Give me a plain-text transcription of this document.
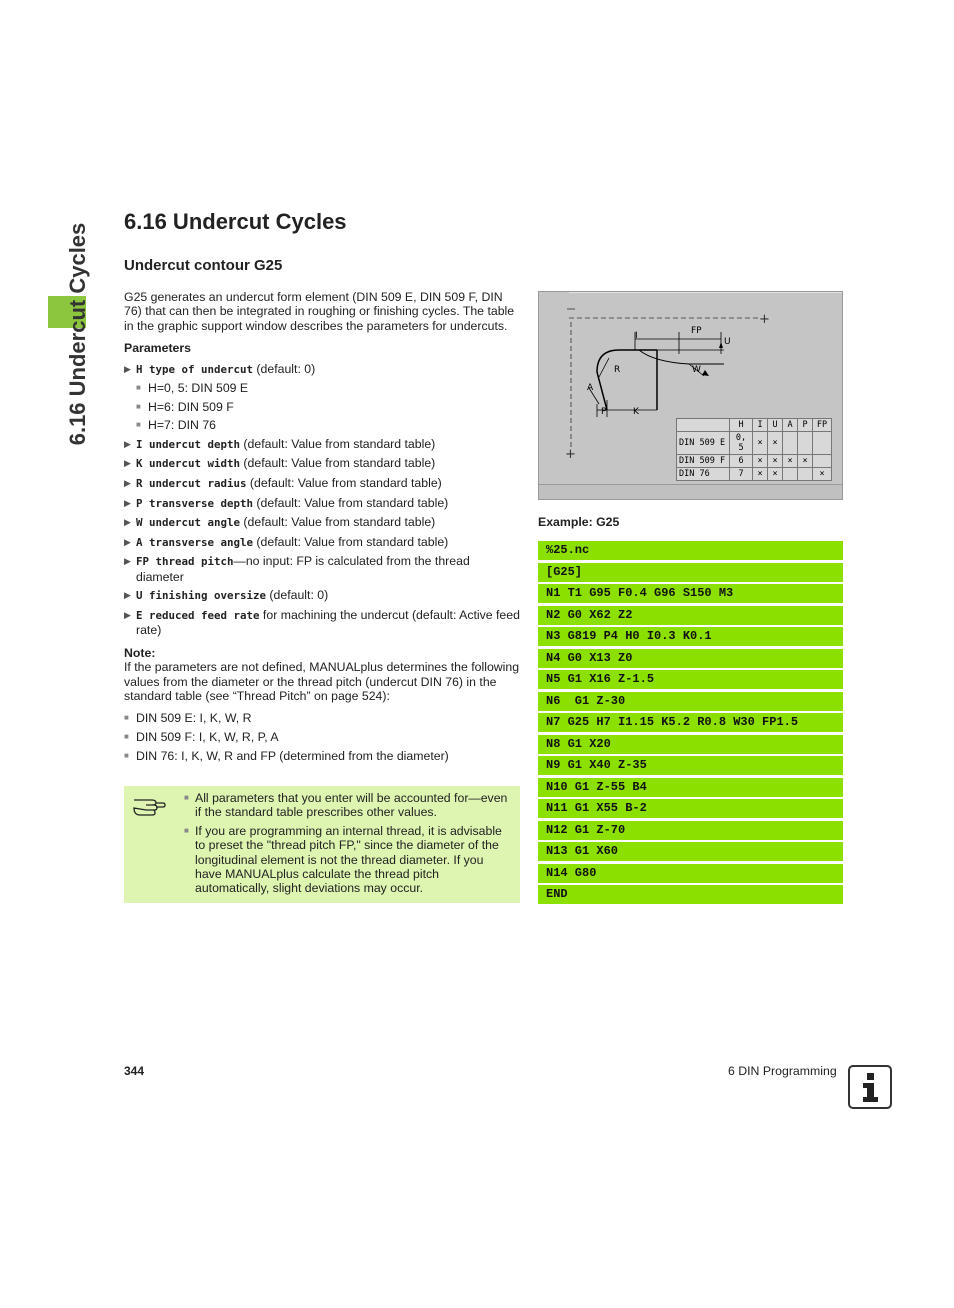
6.16 Undercut Cycles
6.16 Undercut Cycles
Undercut contour G25

G25 generates an undercut form element (DIN 509 E, DIN 509 F, DIN 76) that can then be integrated in roughing or finishing cycles. The table in the graphic support window describes the parameters for undercuts.

Parameters

▶ H type of undercut (default: 0)
■ H=0, 5: DIN 509 E
■ H=6: DIN 509 F
■ H=7: DIN 76
▶ I undercut depth (default: Value from standard table)
▶ K undercut width (default: Value from standard table)
▶ R undercut radius (default: Value from standard table)
▶ P transverse depth (default: Value from standard table)
▶ W undercut angle (default: Value from standard table)
▶ A transverse angle (default: Value from standard table)
▶ FP thread pitch—no input: FP is calculated from the thread diameter
▶ U finishing oversize (default: 0)
▶ E reduced feed rate for machining the undercut (default: Active feed rate)

Note:

If the parameters are not defined, MANUALplus determines the following values from the diameter or the thread pitch (undercut DIN 76) in the standard table (see “Thread Pitch” on page 524):

■ DIN 509 E: I, K, W, R
■ DIN 509 F: I, K, W, R, P, A
■ DIN 76: I, K, W, R and FP (determined from the diameter)
■ All parameters that you enter will be accounted for—even if the standard table prescribes other values.
■ If you are programming an internal thread, it is advisable to preset the "thread pitch FP," since the diameter of the longitudinal element is not the thread diameter. If you have MANUALplus calculate the thread pitch automatically, slight deviations may occur.
+
+
I	FP
U
R	W
A
P	K
	H	I	U	A	P	FP
DIN 509 E	0, 5	×	×			
DIN 509 F	6	×	×	×	×	
DIN 76	7	×	×			×

Example: G25

%25.nc
[G25]
N1 T1 G95 F0.4 G96 S150 M3
N2 G0 X62 Z2
N3 G819 P4 H0 I0.3 K0.1
N4 G0 X13 Z0
N5 G1 X16 Z-1.5
N6  G1 Z-30
N7 G25 H7 I1.15 K5.2 R0.8 W30 FP1.5
N8 G1 X20
N9 G1 X40 Z-35
N10 G1 Z-55 B4
N11 G1 X55 B-2
N12 G1 Z-70
N13 G1 X60
N14 G80
END

344	6 DIN Programming
